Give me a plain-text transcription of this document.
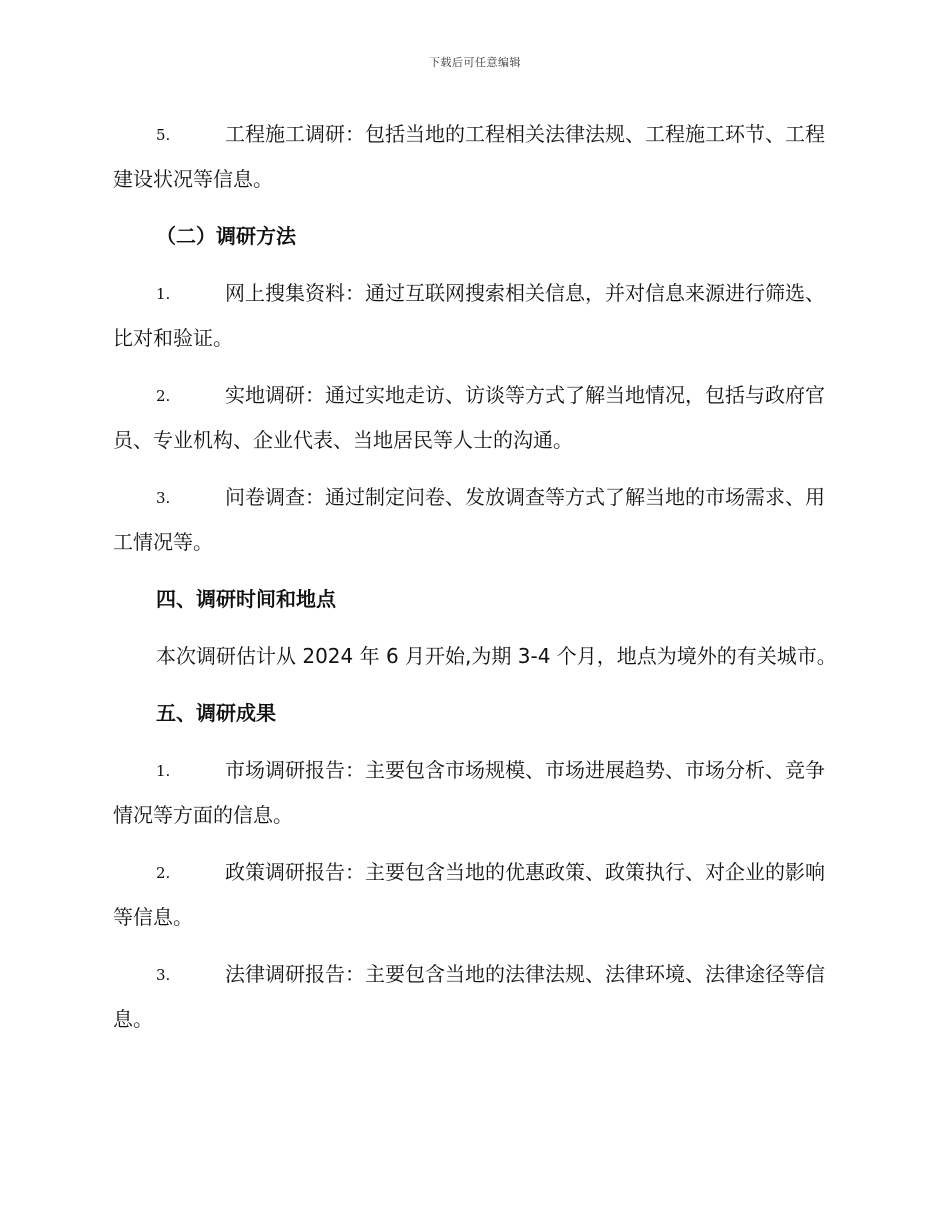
下载后可任意编辑
5.	工程施工调研：包括当地的工程相关法律法规、工程施工环节、工程建设状况等信息。
（二）调研方法
1.	网上搜集资料：通过互联网搜索相关信息，并对信息来源进行筛选、比对和验证。
2.	实地调研：通过实地走访、访谈等方式了解当地情况，包括与政府官员、专业机构、企业代表、当地居民等人士的沟通。
3.	问卷调查：通过制定问卷、发放调查等方式了解当地的市场需求、用工情况等。
四、调研时间和地点
本次调研估计从 2024 年 6 月开始,为期 3-4 个月，地点为境外的有关城市。
五、调研成果
1.	市场调研报告：主要包含市场规模、市场进展趋势、市场分析、竞争情况等方面的信息。
2.	政策调研报告：主要包含当地的优惠政策、政策执行、对企业的影响等信息。
3.	法律调研报告：主要包含当地的法律法规、法律环境、法律途径等信息。
